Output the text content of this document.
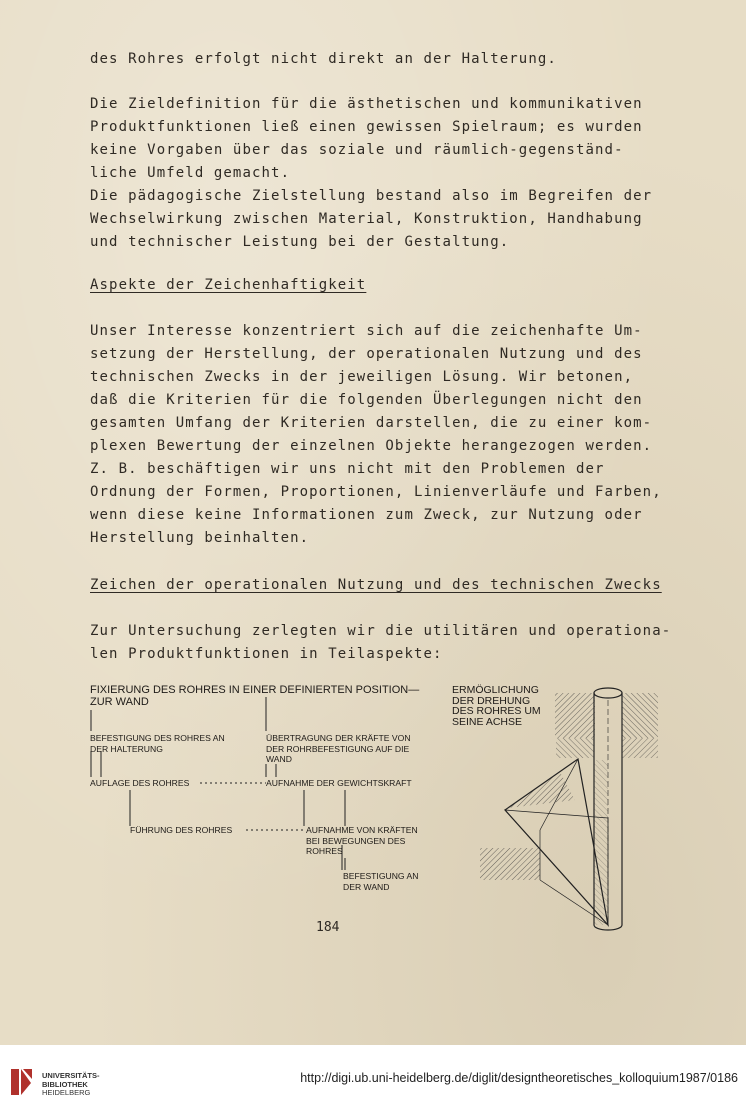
des Rohres erfolgt nicht direkt an der Halterung.
Die Zieldefinition für die ästhetischen und kommunikativen
Produktfunktionen ließ einen gewissen Spielraum; es wurden
keine Vorgaben über das soziale und räumlich-gegenständ-
liche Umfeld gemacht.
Die pädagogische Zielstellung bestand also im Begreifen der
Wechselwirkung zwischen Material, Konstruktion, Handhabung
und technischer Leistung bei der Gestaltung.
Aspekte der Zeichenhaftigkeit
Unser Interesse konzentriert sich auf die zeichenhafte Um-
setzung der Herstellung, der operationalen Nutzung und des
technischen Zwecks in der jeweiligen Lösung. Wir betonen,
daß die Kriterien für die folgenden Überlegungen nicht den
gesamten Umfang der Kriterien darstellen, die zu einer kom-
plexen Bewertung der einzelnen Objekte herangezogen werden.
Z. B. beschäftigen wir uns nicht mit den Problemen der
Ordnung der Formen, Proportionen, Linienverläufe und Farben,
wenn diese keine Informationen zum Zweck, zur Nutzung oder
Herstellung beinhalten.
Zeichen der operationalen Nutzung und des technischen Zwecks
Zur Untersuchung zerlegten wir die utilitären und operationa-
len Produktfunktionen in Teilaspekte:
FIXIERUNG DES ROHRES IN EINER DEFINIERTEN POSITION—
ZUR WAND
ERMÖGLICHUNG
DER DREHUNG
DES ROHRES UM
SEINE ACHSE
BEFESTIGUNG DES ROHRES AN
DER HALTERUNG
ÜBERTRAGUNG DER KRÄFTE VON
DER ROHRBEFESTIGUNG AUF DIE
WAND
AUFLAGE DES ROHRES	AUFNAHME DER GEWICHTSKRAFT
FÜHRUNG DES ROHRES	AUFNAHME VON KRÄFTEN
BEI BEWEGUNGEN DES
ROHRES
BEFESTIGUNG AN
DER WAND
184
UNIVERSITÄTS-
BIBLIOTHEK
HEIDELBERG
http://digi.ub.uni-heidelberg.de/diglit/designtheoretisches_kolloquium1987/0186
